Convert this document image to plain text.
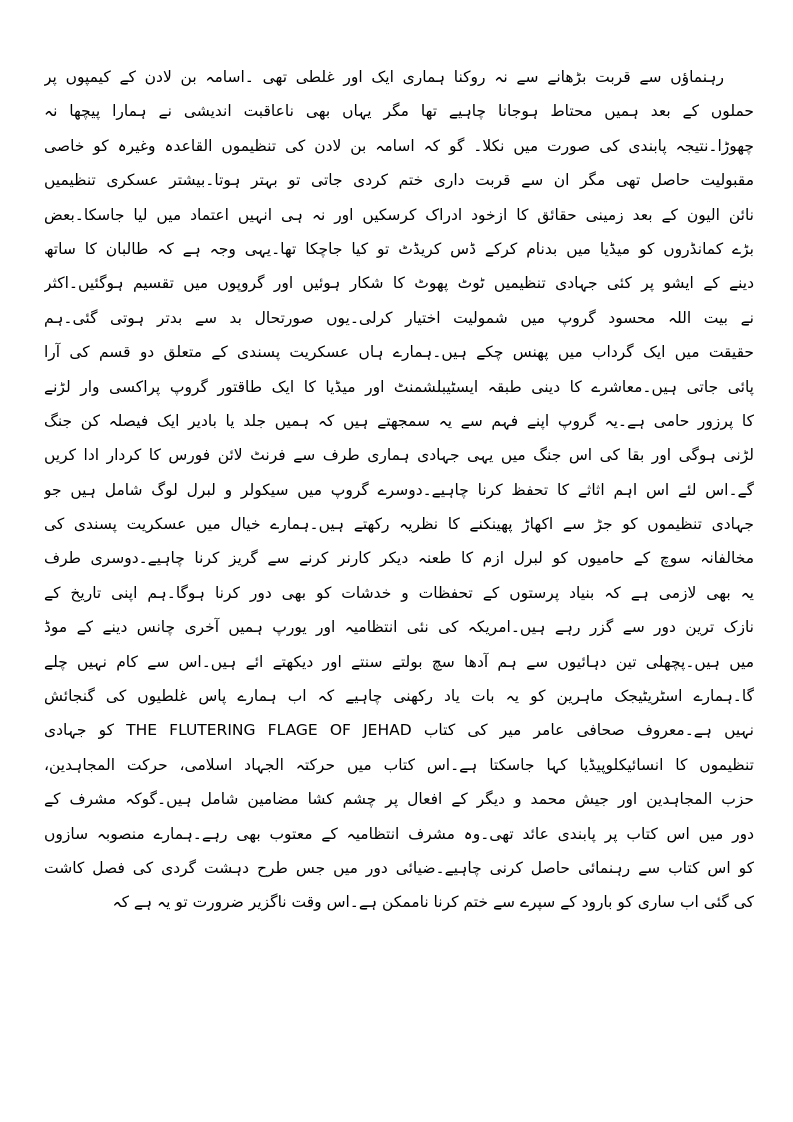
رہنماؤں سے قربت بڑھانے سے نہ روکنا ہماری ایک اور غلطی تھی ۔اسامہ بن لادن کے کیمپوں پر
حملوں کے بعد ہمیں محتاط ہوجانا چاہیے تھا مگر یہاں بھی ناعاقبت اندیشی نے ہمارا پیچھا نہ
چھوڑا۔نتیجہ پابندی کی صورت میں نکلا۔ گو کہ اسامہ بن لادن کی تنظیموں القاعدہ وغیرہ کو خاصی
مقبولیت حاصل تھی مگر ان سے قربت داری ختم کردی جاتی تو بہتر ہوتا۔بیشتر عسکری تنظیمیں
نائن الیون کے بعد زمینی حقائق کا ازخود ادراک کرسکیں اور نہ ہی انہیں اعتماد میں لیا جاسکا۔بعض
بڑے کمانڈروں کو میڈیا میں بدنام کرکے ڈس کریڈٹ تو کیا جاچکا تھا۔یہی وجہ ہے کہ طالبان کا ساتھ
دینے کے ایشو پر کئی جہادی تنظیمیں ٹوٹ پھوٹ کا شکار ہوئیں اور گروپوں میں تقسیم ہوگئیں۔اکثر
نے بیت اللہ محسود گروپ میں شمولیت اختیار کرلی۔یوں صورتحال بد سے بدتر ہوتی گئی۔ہم
حقیقت میں ایک گرداب میں پھنس چکے ہیں۔ہمارے ہاں عسکریت پسندی کے متعلق دو قسم کی آرا
پائی جاتی ہیں۔معاشرے کا دینی طبقہ ایسٹیبلشمنٹ اور میڈیا کا ایک طاقتور گروپ پراکسی وار لڑنے
کا پرزور حامی ہے۔یہ گروپ اپنے فہم سے یہ سمجھتے ہیں کہ ہمیں جلد یا بادیر ایک فیصلہ کن جنگ
لڑنی ہوگی اور بقا کی اس جنگ میں یہی جہادی ہماری طرف سے فرنٹ لائن فورس کا کردار ادا کریں
گے۔اس لئے اس اہم اثاثے کا تحفظ کرنا چاہیے۔دوسرے گروپ میں سیکولر و لبرل لوگ شامل ہیں جو
جہادی تنظیموں کو جڑ سے اکھاڑ پھینکنے کا نظریہ رکھتے ہیں۔ہمارے خیال میں عسکریت پسندی کی
مخالفانہ سوچ کے حامیوں کو لبرل ازم کا طعنہ دیکر کارنر کرنے سے گریز کرنا چاہیے۔دوسری طرف
یہ بھی لازمی ہے کہ بنیاد پرستوں کے تحفظات و خدشات کو بھی دور کرنا ہوگا۔ہم اپنی تاریخ کے
نازک ترین دور سے گزر رہے ہیں۔امریکہ کی نئی انتظامیہ اور یورپ ہمیں آخری چانس دینے کے موڈ
میں ہیں۔پچھلی تین دہائیوں سے ہم آدھا سچ بولتے سنتے اور دیکھتے ائے ہیں۔اس سے کام نہیں چلے
گا۔ہمارے اسٹریٹیجک ماہرین کو یہ بات یاد رکھنی چاہیے کہ اب ہمارے پاس غلطیوں کی گنجائش
نہیں ہے۔معروف صحافی عامر میر کی کتاب THE FLUTERING FLAGE OF JEHAD کو جہادی
تنظیموں کا انسائیکلوپیڈیا کہا جاسکتا ہے۔اس کتاب میں حرکتہ الجہاد اسلامی، حرکت المجاہدین،
حزب المجاہدین اور جیش محمد و دیگر کے افعال پر چشم کشا مضامین شامل ہیں۔گوکہ مشرف کے
دور میں اس کتاب پر پابندی عائد تھی۔وہ مشرف انتظامیہ کے معتوب بھی رہے۔ہمارے منصوبہ سازوں
کو اس کتاب سے رہنمائی حاصل کرنی چاہیے۔ضیائی دور میں جس طرح دہشت گردی کی فصل کاشت
کی گئی اب ساری کو بارود کے سپرے سے ختم کرنا ناممکن ہے۔اس وقت ناگزیر ضرورت تو یہ ہے کہ
